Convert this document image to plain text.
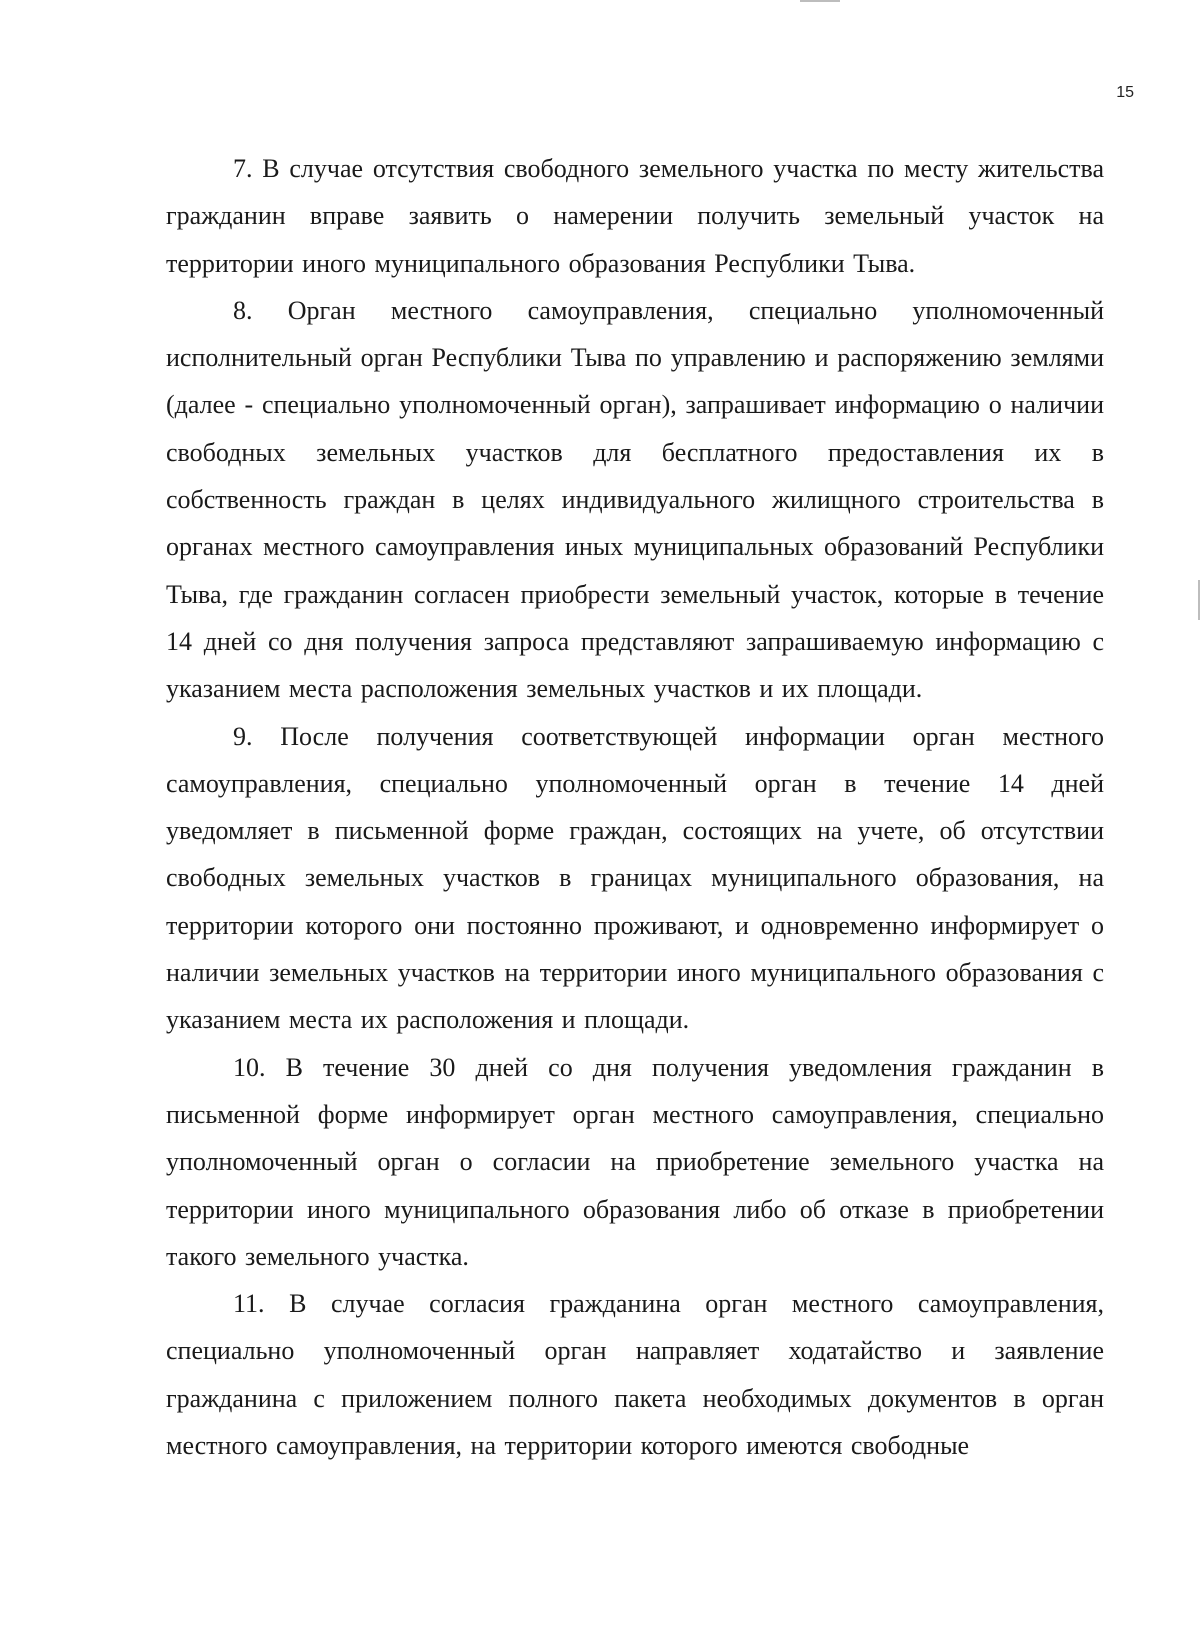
15

7. В случае отсутствия свободного земельного участка по месту жительства гражданин вправе заявить о намерении получить земельный участок на территории иного муниципального образования Республики Тыва.

8. Орган местного самоуправления, специально уполномоченный исполнительный орган Республики Тыва по управлению и распоряжению землями (далее - специально уполномоченный орган), запрашивает информацию о наличии свободных земельных участков для бесплатного предоставления их в собственность граждан в целях индивидуального жилищного строительства в органах местного самоуправления иных муниципальных образований Республики Тыва, где гражданин согласен приобрести земельный участок, которые в течение 14 дней со дня получения запроса представляют запрашиваемую информацию с указанием места расположения земельных участков и их площади.

9. После получения соответствующей информации орган местного самоуправления, специально уполномоченный орган в течение 14 дней уведомляет в письменной форме граждан, состоящих на учете, об отсутствии свободных земельных участков в границах муниципального образования, на территории которого они постоянно проживают, и одновременно информирует о наличии земельных участков на территории иного муниципального образования с указанием места их расположения и площади.

10. В течение 30 дней со дня получения уведомления гражданин в письменной форме информирует орган местного самоуправления, специально уполномоченный орган о согласии на приобретение земельного участка на территории иного муниципального образования либо об отказе в приобретении такого земельного участка.

11. В случае согласия гражданина орган местного самоуправления, специально уполномоченный орган направляет ходатайство и заявление гражданина с приложением полного пакета необходимых документов в орган местного самоуправления, на территории которого имеются свободные
